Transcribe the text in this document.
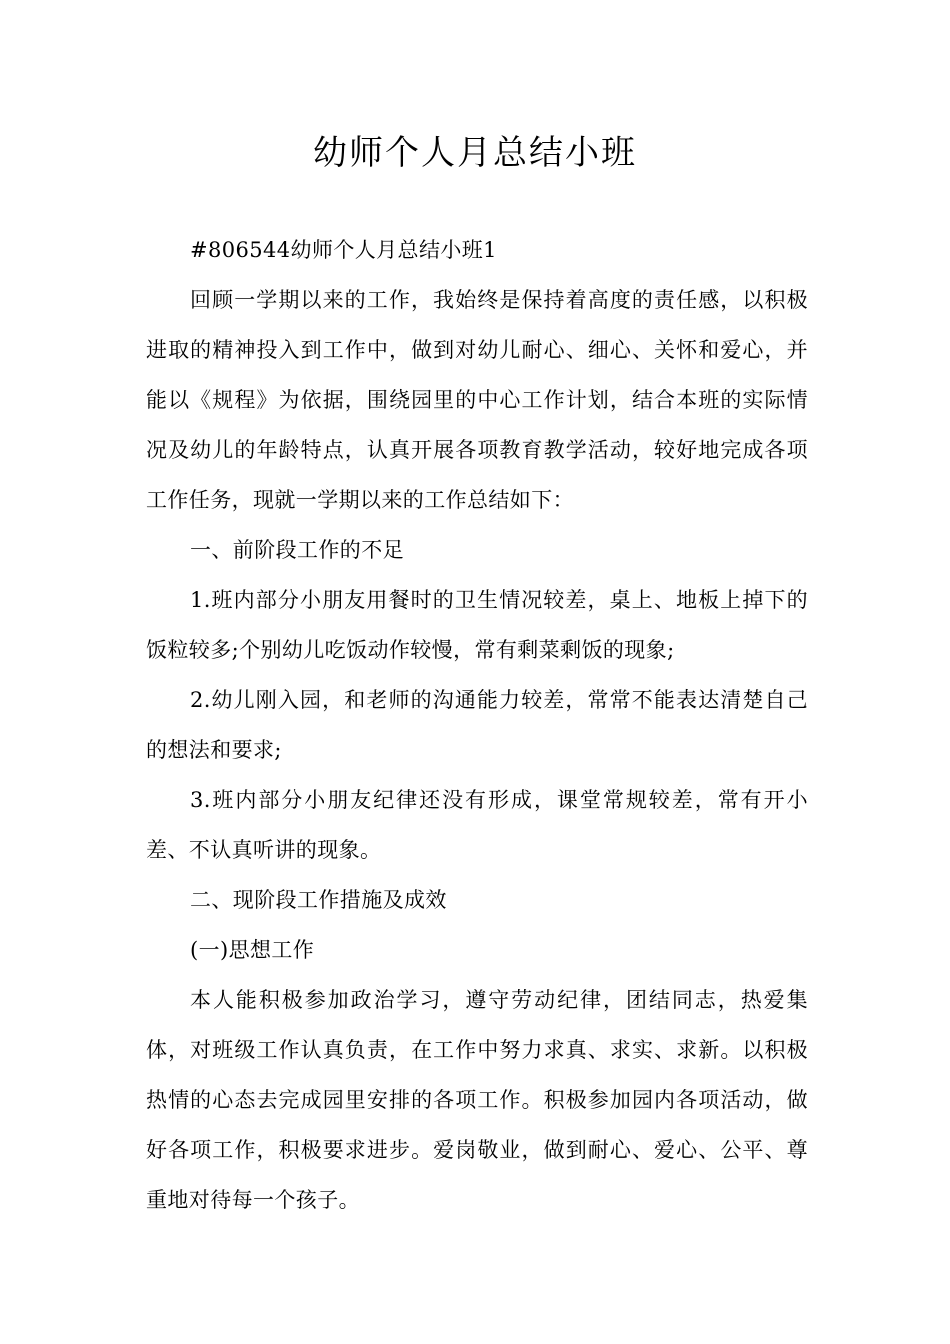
幼师个人月总结小班

#806544幼师个人月总结小班1

回顾一学期以来的工作，我始终是保持着高度的责任感，以积极进取的精神投入到工作中，做到对幼儿耐心、细心、关怀和爱心，并能以《规程》为依据，围绕园里的中心工作计划，结合本班的实际情况及幼儿的年龄特点，认真开展各项教育教学活动，较好地完成各项工作任务，现就一学期以来的工作总结如下：

一、前阶段工作的不足

1.班内部分小朋友用餐时的卫生情况较差，桌上、地板上掉下的饭粒较多;个别幼儿吃饭动作较慢，常有剩菜剩饭的现象;

2.幼儿刚入园，和老师的沟通能力较差，常常不能表达清楚自己的想法和要求;

3.班内部分小朋友纪律还没有形成，课堂常规较差，常有开小差、不认真听讲的现象。

二、现阶段工作措施及成效

(一)思想工作

本人能积极参加政治学习，遵守劳动纪律，团结同志，热爱集体，对班级工作认真负责，在工作中努力求真、求实、求新。以积极热情的心态去完成园里安排的各项工作。积极参加园内各项活动，做好各项工作，积极要求进步。爱岗敬业，做到耐心、爱心、公平、尊重地对待每一个孩子。
